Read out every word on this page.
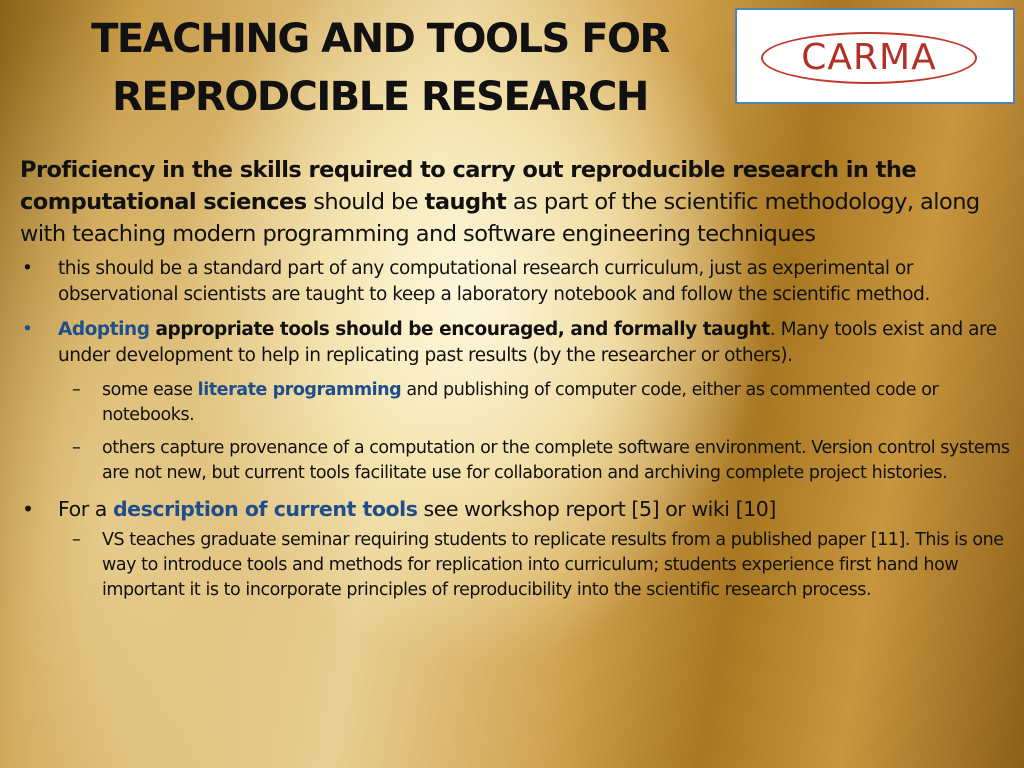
TEACHING AND TOOLS FOR
REPRODCIBLE RESEARCH
CARMA

Proficiency in the skills required to carry out reproducible research in the computational sciences should be taught as part of the scientific methodology, along with teaching modern programming and software engineering techniques

• this should be a standard part of any computational research curriculum, just as experimental or observational scientists are taught to keep a laboratory notebook and follow the scientific method.
• Adopting appropriate tools should be encouraged, and formally taught. Many tools exist and are under development to help in replicating past results (by the researcher or others).
– some ease literate programming and publishing of computer code, either as commented code or notebooks.
– others capture provenance of a computation or the complete software environment. Version control systems are not new, but current tools facilitate use for collaboration and archiving complete project histories.
• For a description of current tools see workshop report [5] or wiki [10]
– VS teaches graduate seminar requiring students to replicate results from a published paper [11]. This is one way to introduce tools and methods for replication into curriculum; students experience first hand how important it is to incorporate principles of reproducibility into the scientific research process.
